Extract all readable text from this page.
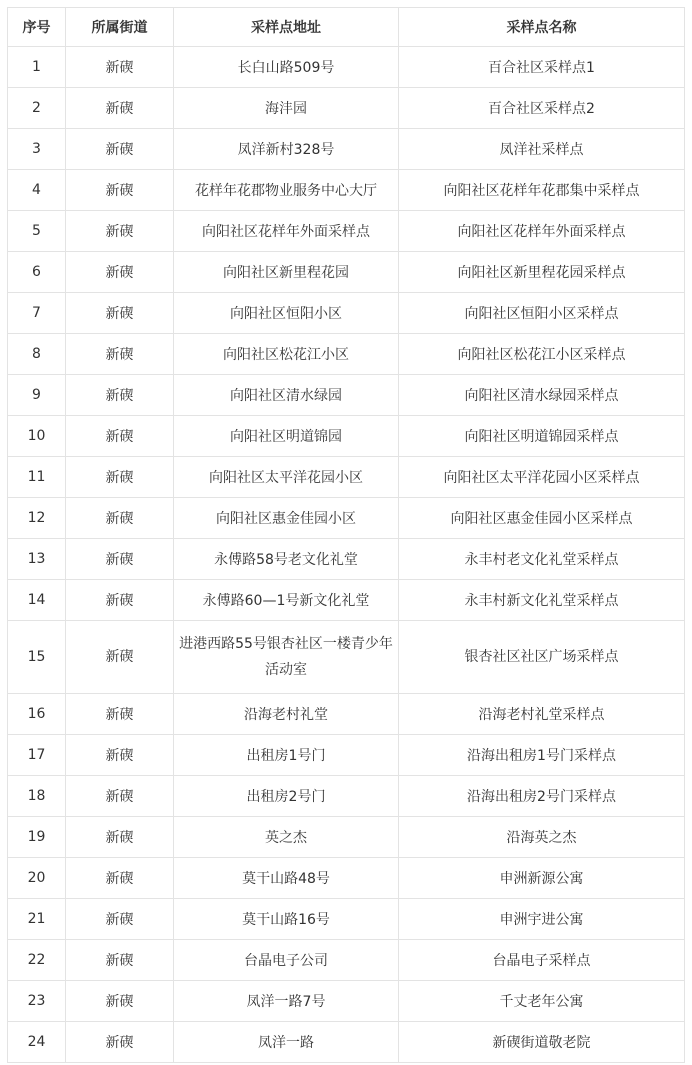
序号	所属街道	采样点地址	采样点名称
1	新碶	长白山路509号	百合社区采样点1
2	新碶	海沣园	百合社区采样点2
3	新碶	凤洋新村328号	凤洋社采样点
4	新碶	花样年花郡物业服务中心大厅	向阳社区花样年花郡集中采样点
5	新碶	向阳社区花样年外面采样点	向阳社区花样年外面采样点
6	新碶	向阳社区新里程花园	向阳社区新里程花园采样点
7	新碶	向阳社区恒阳小区	向阳社区恒阳小区采样点
8	新碶	向阳社区松花江小区	向阳社区松花江小区采样点
9	新碶	向阳社区清水绿园	向阳社区清水绿园采样点
10	新碶	向阳社区明道锦园	向阳社区明道锦园采样点
11	新碶	向阳社区太平洋花园小区	向阳社区太平洋花园小区采样点
12	新碶	向阳社区惠金佳园小区	向阳社区惠金佳园小区采样点
13	新碶	永傅路58号老文化礼堂	永丰村老文化礼堂采样点
14	新碶	永傅路60—1号新文化礼堂	永丰村新文化礼堂采样点
15	新碶	进港西路55号银杏社区一楼青少年活动室	银杏社区社区广场采样点
16	新碶	沿海老村礼堂	沿海老村礼堂采样点
17	新碶	出租房1号门	沿海出租房1号门采样点
18	新碶	出租房2号门	沿海出租房2号门采样点
19	新碶	英之杰	沿海英之杰
20	新碶	莫干山路48号	申洲新源公寓
21	新碶	莫干山路16号	申洲宇进公寓
22	新碶	台晶电子公司	台晶电子采样点
23	新碶	凤洋一路7号	千丈老年公寓
24	新碶	凤洋一路	新碶街道敬老院
